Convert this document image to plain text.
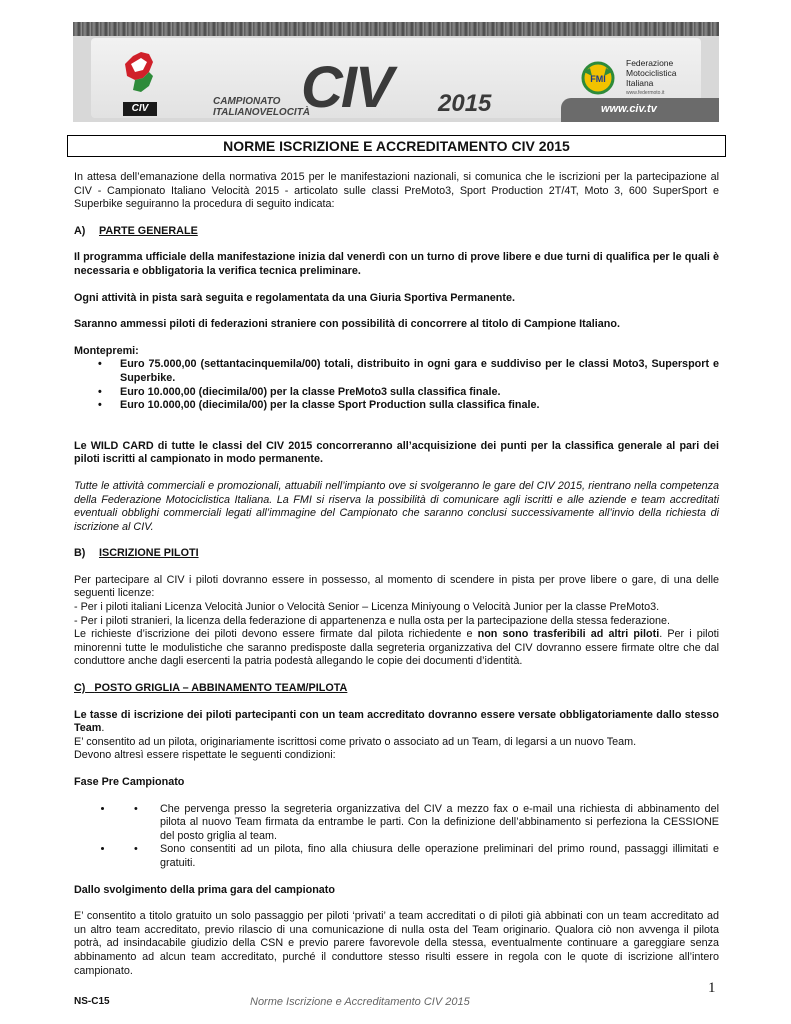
CIV
CAMPIONATO
ITALIANOVELOCITÀ
CIV 2015
FMI
Federazione
Motociclistica
Italiana
www.federmoto.it
www.civ.tv
NORME ISCRIZIONE E ACCREDITAMENTO CIV 2015

In attesa dell’emanazione della normativa 2015 per le manifestazioni nazionali, si comunica che le iscrizioni per la partecipazione al CIV - Campionato Italiano Velocità 2015 - articolato sulle classi PreMoto3, Sport Production 2T/4T, Moto 3, 600 SuperSport e Superbike seguiranno la procedura di seguito indicata:

A) PARTE GENERALE

Il programma ufficiale della manifestazione inizia dal venerdì con un turno di prove libere e due turni di qualifica per le quali è necessaria e obbligatoria la verifica tecnica preliminare.

Ogni attività in pista sarà seguita e regolamentata da una Giuria Sportiva Permanente.

Saranno ammessi piloti di federazioni straniere con possibilità di concorrere al titolo di Campione Italiano.

Montepremi:

• Euro 75.000,00 (settantacinquemila/00) totali, distribuito in ogni gara e suddiviso per le classi Moto3, Supersport e Superbike.
• Euro 10.000,00 (diecimila/00) per la classe PreMoto3 sulla classifica finale.
• Euro 10.000,00 (diecimila/00) per la classe Sport Production sulla classifica finale.

Le WILD CARD di tutte le classi del CIV 2015 concorreranno all’acquisizione dei punti per la classifica generale al pari dei piloti iscritti al campionato in modo permanente.

Tutte le attività commerciali e promozionali, attuabili nell’impianto ove si svolgeranno le gare del CIV 2015, rientrano nella competenza della Federazione Motociclistica Italiana. La FMI si riserva la possibilità di comunicare agli iscritti e alle aziende e team accreditati eventuali obblighi commerciali legati all’immagine del Campionato che saranno conclusi successivamente all’invio della richiesta di iscrizione al CIV.

B) ISCRIZIONE PILOTI

Per partecipare al CIV i piloti dovranno essere in possesso, al momento di scendere in pista per prove libere o gare, di una delle seguenti licenze:

- Per i piloti italiani Licenza Velocità Junior o Velocità Senior – Licenza Miniyoung o Velocità Junior per la classe PreMoto3.

- Per i piloti stranieri, la licenza della federazione di appartenenza e nulla osta per la partecipazione della stessa federazione.

Le richieste d’iscrizione dei piloti devono essere firmate dal pilota richiedente e non sono trasferibili ad altri piloti. Per i piloti minorenni tutte le modulistiche che saranno predisposte dalla segreteria organizzativa del CIV dovranno essere firmate oltre che dal conduttore anche dagli esercenti la patria podestà allegando le copie dei documenti d’identità.

C) POSTO GRIGLIA – ABBINAMENTO TEAM/PILOTA

Le tasse di iscrizione dei piloti partecipanti con un team accreditato dovranno essere versate obbligatoriamente dallo stesso Team.

E’ consentito ad un pilota, originariamente iscrittosi come privato o associato ad un Team, di legarsi a un nuovo Team.

Devono altresì essere rispettate le seguenti condizioni:

Fase Pre Campionato

• • Che pervenga presso la segreteria organizzativa del CIV a mezzo fax o e-mail una richiesta di abbinamento del pilota al nuovo Team firmata da entrambe le parti. Con la definizione dell’abbinamento si perfeziona la CESSIONE del posto griglia al team.
• • Sono consentiti ad un pilota, fino alla chiusura delle operazione preliminari del primo round, passaggi illimitati e gratuiti.

Dallo svolgimento della prima gara del campionato

E’ consentito a titolo gratuito un solo passaggio per piloti ‘privati’ a team accreditati o di piloti già abbinati con un team accreditato ad un altro team accreditato, previo rilascio di una comunicazione di nulla osta del Team originario. Qualora ciò non avvenga il pilota potrà, ad insindacabile giudizio della CSN e previo parere favorevole della stessa, eventualmente continuare a gareggiare senza abbinamento ad alcun team accreditato, purché il conduttore stesso risulti essere in regola con le quote di iscrizione all’intero campionato.

1
NS-C15	Norme Iscrizione e Accreditamento CIV 2015
